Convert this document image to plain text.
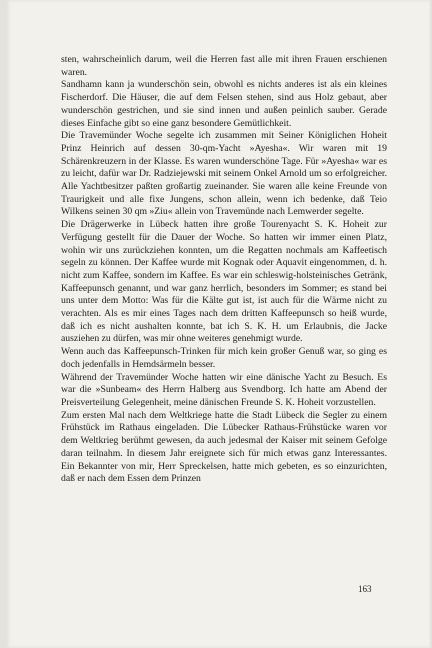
sten, wahrscheinlich darum, weil die Herren fast alle mit ihren Frauen erschienen waren.

Sandhamn kann ja wunderschön sein, obwohl es nichts anderes ist als ein kleines Fischerdorf. Die Häuser, die auf dem Felsen stehen, sind aus Holz gebaut, aber wunderschön gestrichen, und sie sind innen und außen peinlich sauber. Gerade dieses Einfache gibt so eine ganz besondere Gemütlichkeit.

Die Travemünder Woche segelte ich zusammen mit Seiner Königlichen Hoheit Prinz Heinrich auf dessen 30-qm-Yacht »Ayesha«. Wir waren mit 19 Schärenkreuzern in der Klasse. Es waren wunderschöne Tage. Für »Ayesha« war es zu leicht, dafür war Dr. Radziejewski mit seinem Onkel Arnold um so erfolgreicher. Alle Yachtbesitzer paßten großartig zueinander. Sie waren alle keine Freunde von Traurigkeit und alle fixe Jungens, schon allein, wenn ich bedenke, daß Teio Wilkens seinen 30 qm »Ziu« allein von Travemünde nach Lemwerder segelte.

Die Drägerwerke in Lübeck hatten ihre große Tourenyacht S. K. Hoheit zur Verfügung gestellt für die Dauer der Woche. So hatten wir immer einen Platz, wohin wir uns zurückziehen konnten, um die Regatten nochmals am Kaffeetisch segeln zu können. Der Kaffee wurde mit Kognak oder Aquavit eingenommen, d. h. nicht zum Kaffee, sondern im Kaffee. Es war ein schleswig-holsteinisches Getränk, Kaffeepunsch genannt, und war ganz herrlich, besonders im Sommer; es stand bei uns unter dem Motto: Was für die Kälte gut ist, ist auch für die Wärme nicht zu verachten. Als es mir eines Tages nach dem dritten Kaffeepunsch so heiß wurde, daß ich es nicht aushalten konnte, bat ich S. K. H. um Erlaubnis, die Jacke ausziehen zu dürfen, was mir ohne weiteres genehmigt wurde.

Wenn auch das Kaffeepunsch-Trinken für mich kein großer Genuß war, so ging es doch jedenfalls in Hemdsärmeln besser.

Während der Travemünder Woche hatten wir eine dänische Yacht zu Besuch. Es war die »Sunbeam« des Herrn Halberg aus Svendborg. Ich hatte am Abend der Preisverteilung Gelegenheit, meine dänischen Freunde S. K. Hoheit vorzustellen.

Zum ersten Mal nach dem Weltkriege hatte die Stadt Lübeck die Segler zu einem Frühstück im Rathaus eingeladen. Die Lübecker Rathaus-Frühstücke waren vor dem Weltkrieg berühmt gewesen, da auch jedesmal der Kaiser mit seinem Gefolge daran teilnahm. In diesem Jahr ereignete sich für mich etwas ganz Interessantes. Ein Bekannter von mir, Herr Spreckelsen, hatte mich gebeten, es so einzurichten, daß er nach dem Essen dem Prinzen

163
